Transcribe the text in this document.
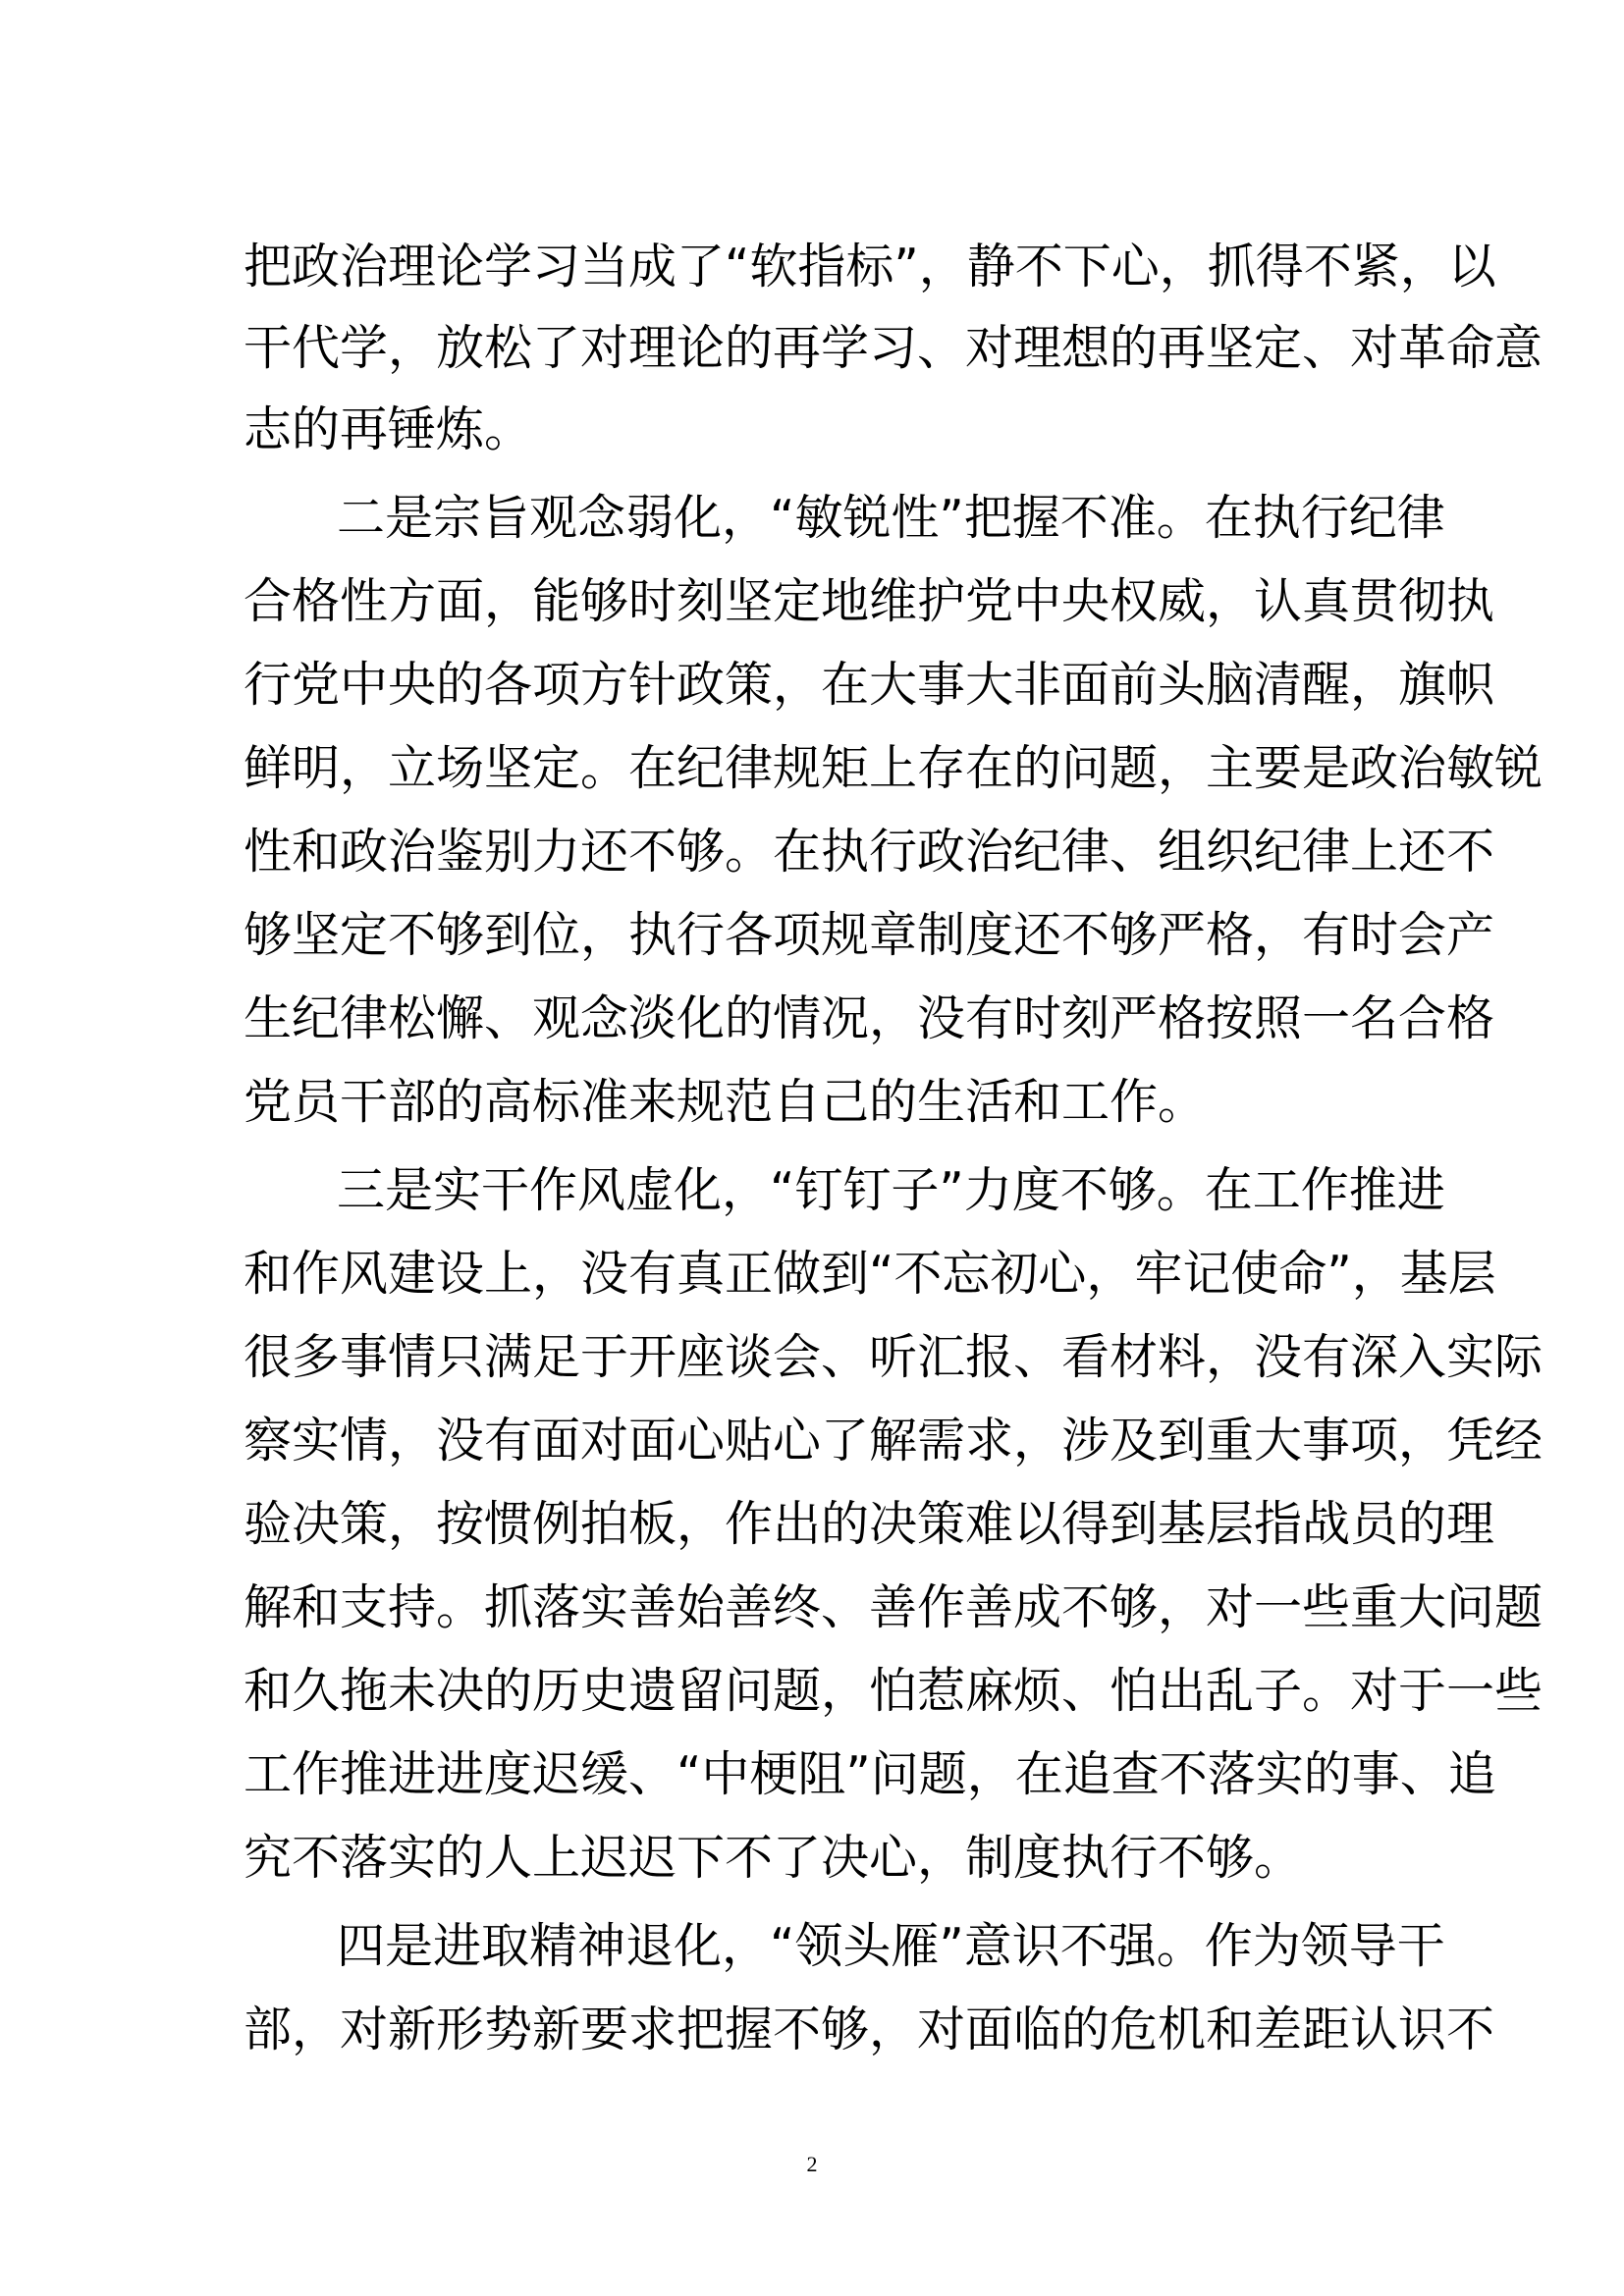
把政治理论学习当成了“软指标”，静不下心，抓得不紧，以
干代学，放松了对理论的再学习、对理想的再坚定、对革命意
志的再锤炼。
二是宗旨观念弱化，“敏锐性”把握不准。在执行纪律
合格性方面，能够时刻坚定地维护党中央权威，认真贯彻执
行党中央的各项方针政策，在大事大非面前头脑清醒，旗帜
鲜明，立场坚定。在纪律规矩上存在的问题，主要是政治敏锐
性和政治鉴别力还不够。在执行政治纪律、组织纪律上还不
够坚定不够到位，执行各项规章制度还不够严格，有时会产
生纪律松懈、观念淡化的情况，没有时刻严格按照一名合格
党员干部的高标准来规范自己的生活和工作。
三是实干作风虚化，“钉钉子”力度不够。在工作推进
和作风建设上，没有真正做到“不忘初心，牢记使命”，基层
很多事情只满足于开座谈会、听汇报、看材料，没有深入实际
察实情，没有面对面心贴心了解需求，涉及到重大事项，凭经
验决策，按惯例拍板，作出的决策难以得到基层指战员的理
解和支持。抓落实善始善终、善作善成不够，对一些重大问题
和久拖未决的历史遗留问题，怕惹麻烦、怕出乱子。对于一些
工作推进进度迟缓、“中梗阻”问题，在追查不落实的事、追
究不落实的人上迟迟下不了决心，制度执行不够。
四是进取精神退化，“领头雁”意识不强。作为领导干
部，对新形势新要求把握不够，对面临的危机和差距认识不
2
